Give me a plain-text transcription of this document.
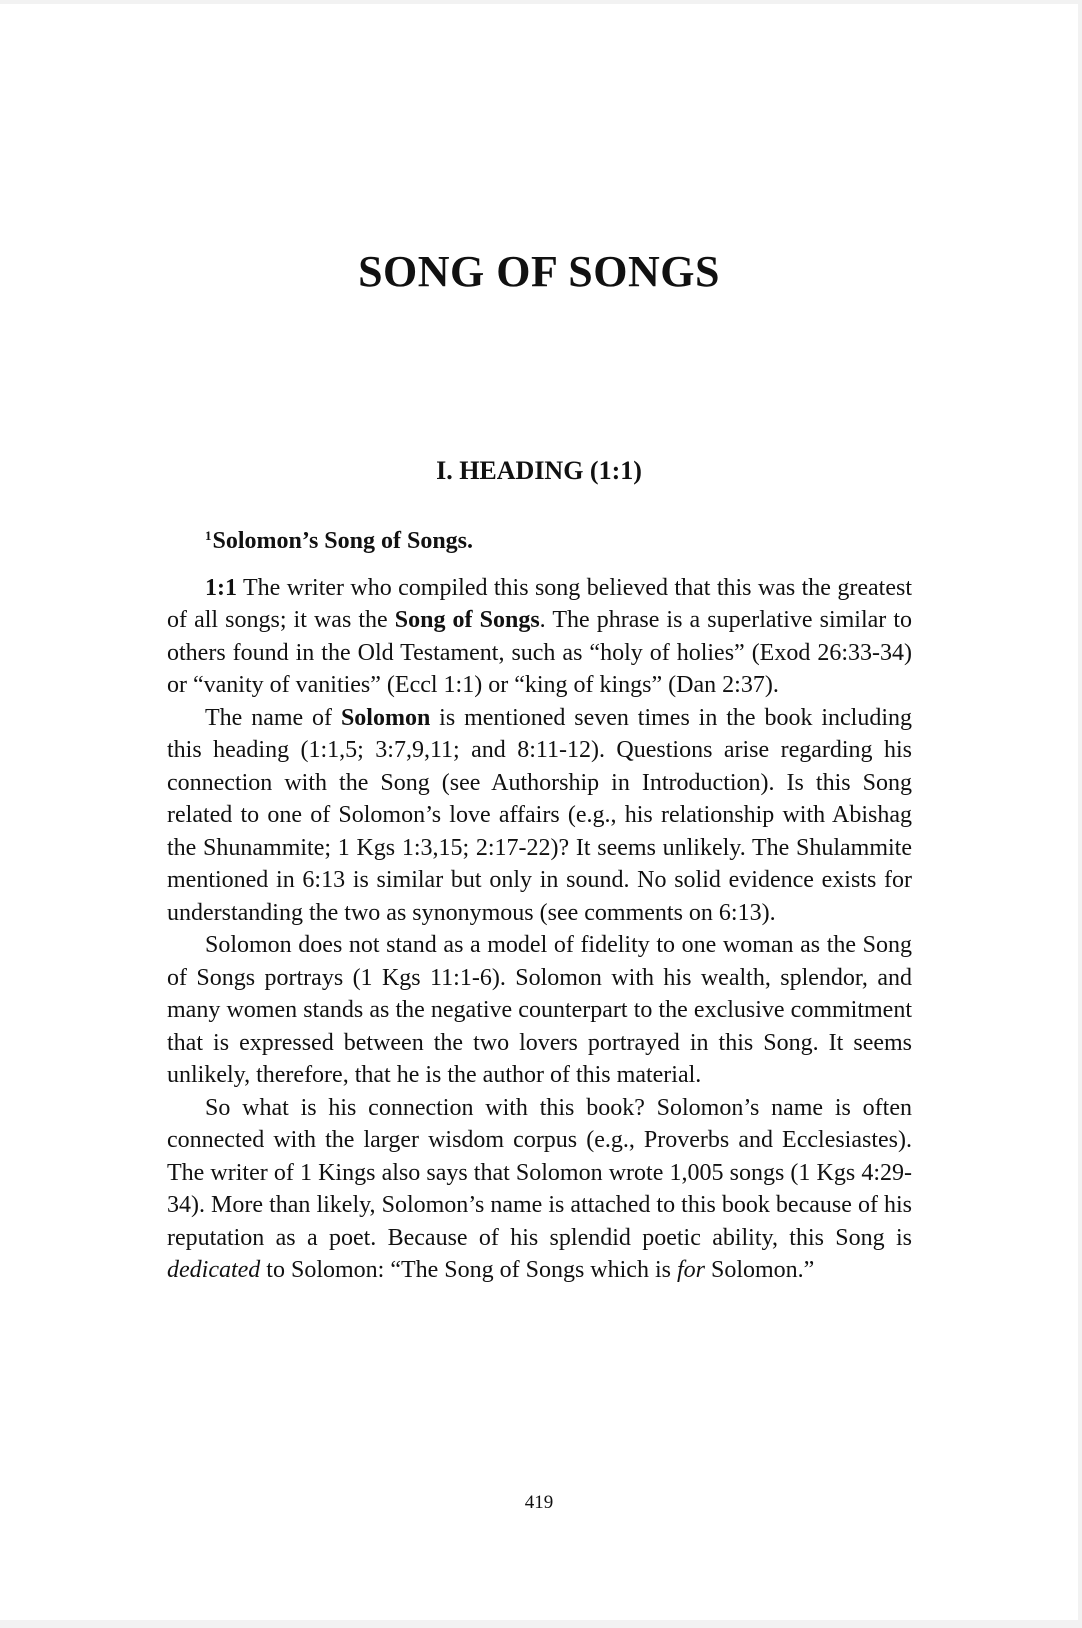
SONG OF SONGS
I. HEADING (1:1)

$^1$Solomon’s Song of Songs.

1:1 The writer who compiled this song believed that this was the greatest of all songs; it was the Song of Songs. The phrase is a superlative similar to others found in the Old Testament, such as “holy of holies” (Exod 26:33-34) or “vanity of vanities” (Eccl 1:1) or “king of kings” (Dan 2:37).

The name of Solomon is mentioned seven times in the book including this heading (1:1,5; 3:7,9,11; and 8:11-12). Questions arise regarding his connection with the Song (see Authorship in Introduction). Is this Song related to one of Solomon’s love affairs (e.g., his relationship with Abishag the Shunammite; 1 Kgs 1:3,15; 2:17-22)? It seems unlikely. The Shulammite mentioned in 6:13 is similar but only in sound. No solid evidence exists for understanding the two as synonymous (see comments on 6:13).

Solomon does not stand as a model of fidelity to one woman as the Song of Songs portrays (1 Kgs 11:1-6). Solomon with his wealth, splendor, and many women stands as the negative counterpart to the exclusive commitment that is expressed between the two lovers portrayed in this Song. It seems unlikely, therefore, that he is the author of this material.

So what is his connection with this book? Solomon’s name is often connected with the larger wisdom corpus (e.g., Proverbs and Ecclesiastes). The writer of 1 Kings also says that Solomon wrote 1,005 songs (1 Kgs 4:29-34). More than likely, Solomon’s name is attached to this book because of his reputation as a poet. Because of his splendid poetic ability, this Song is dedicated to Solomon: “The Song of Songs which is for Solomon.”

419
